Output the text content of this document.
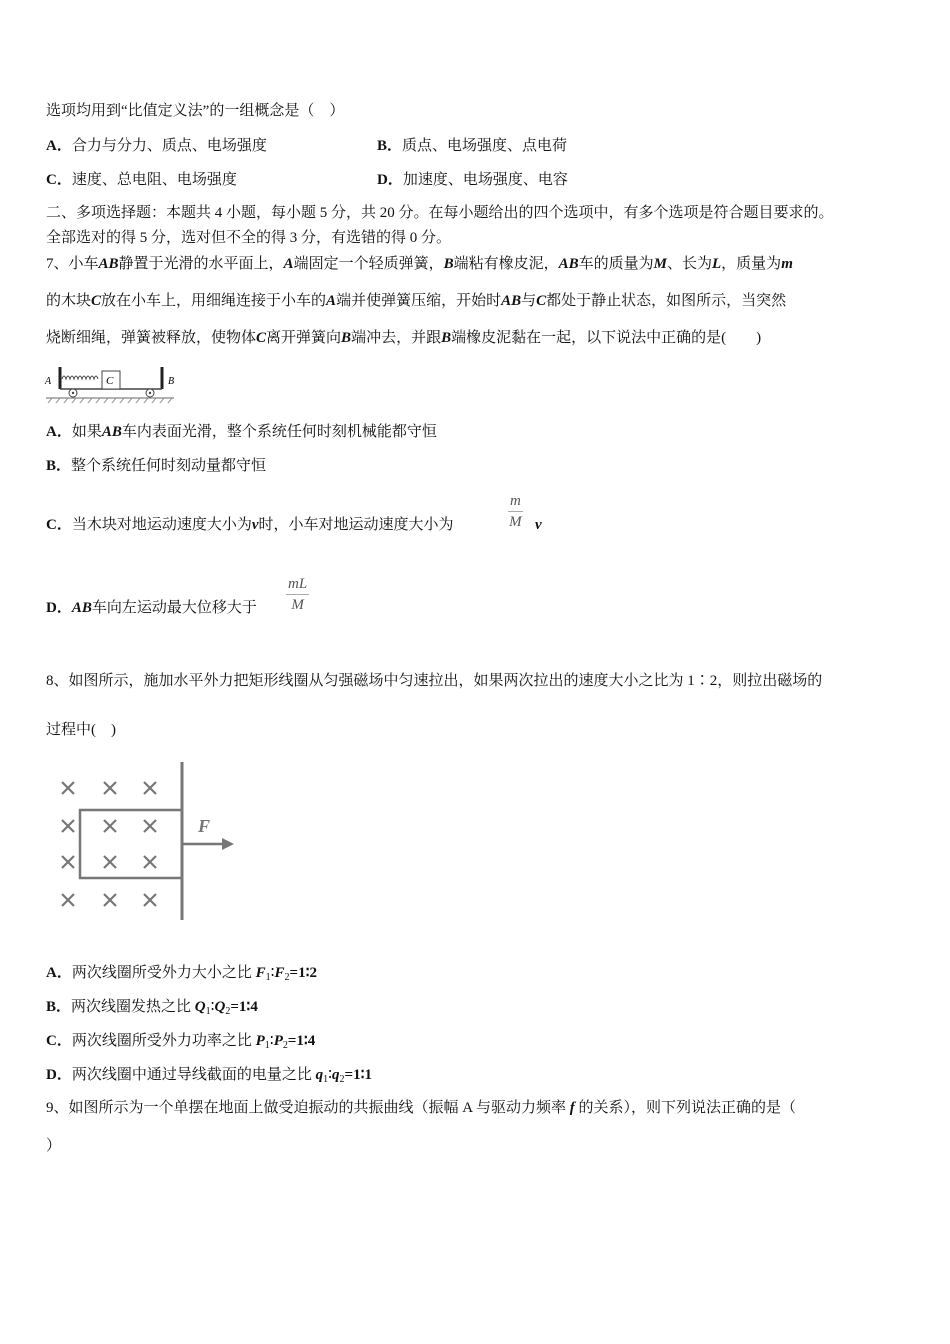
选项均用到“比值定义法”的一组概念是（　）
A．合力与分力、质点、电场强度	B．质点、电场强度、点电荷
C．速度、总电阻、电场强度	D．加速度、电场强度、电容
二、多项选择题：本题共 4 小题，每小题 5 分，共 20 分。在每小题给出的四个选项中，有多个选项是符合题目要求的。
全部选对的得 5 分，选对但不全的得 3 分，有选错的得 0 分。
7、小车AB静置于光滑的水平面上，A端固定一个轻质弹簧，B端粘有橡皮泥，AB车的质量为M、长为L，质量为m
的木块C放在小车上，用细绳连接于小车的A端并使弹簧压缩，开始时AB与C都处于静止状态，如图所示，当突然
烧断细绳，弹簧被释放，使物体C离开弹簧向B端冲去，并跟B端橡皮泥黏在一起，以下说法中正确的是(　　)
A	B
C
A．如果AB车内表面光滑，整个系统任何时刻机械能都守恒
B．整个系统任何时刻动量都守恒
C．当木块对地运动速度大小为v时，小车对地运动速度大小为	$\frac{m}{M}$ v
D．AB车向左运动最大位移大于 $\frac{mL}{M}$
8、如图所示，施加水平外力把矩形线圈从匀强磁场中匀速拉出，如果两次拉出的速度大小之比为 1∶2，则拉出磁场的
过程中(　)
F
A．两次线圈所受外力大小之比 $F_1∶F_2=1∶2$
B．两次线圈发热之比 $Q_1∶Q_2=1∶4$
C．两次线圈所受外力功率之比 $P_1∶P_2=1∶4$
D．两次线圈中通过导线截面的电量之比 $q_1∶q_2=1∶1$
9、如图所示为一个单摆在地面上做受迫振动的共振曲线（振幅 A 与驱动力频率 f 的关系），则下列说法正确的是（
）
